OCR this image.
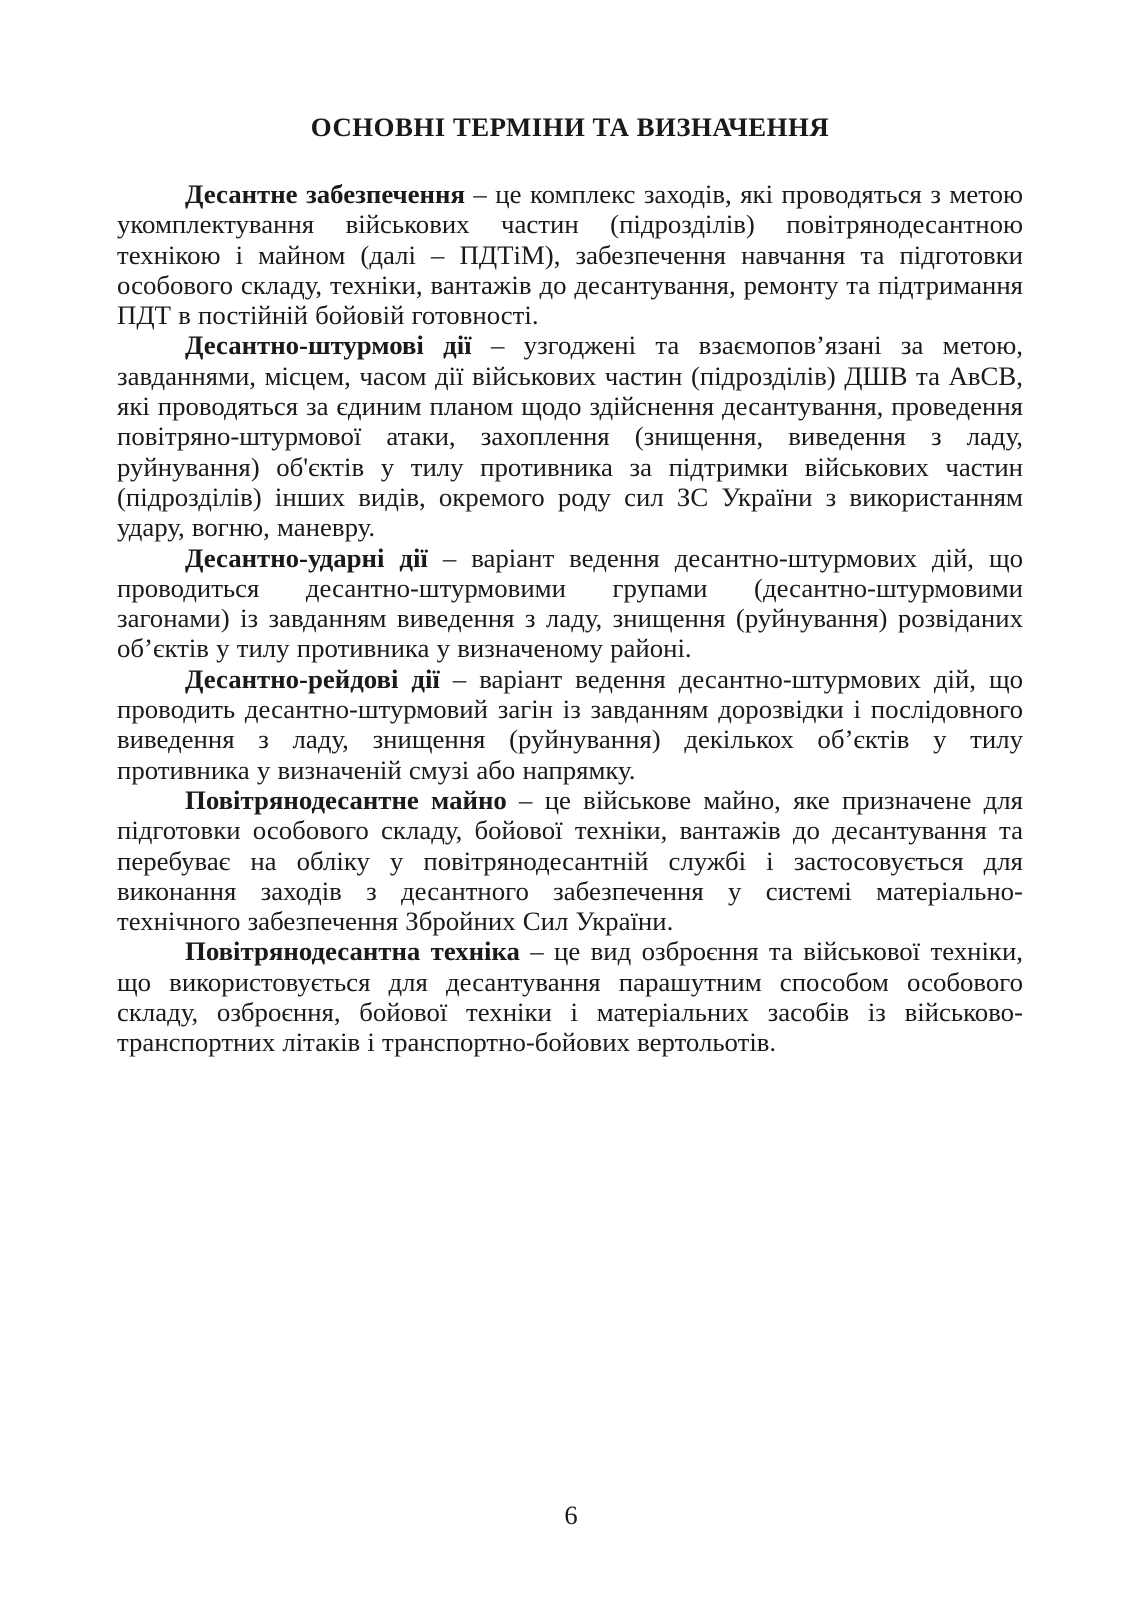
ОСНОВНІ ТЕРМІНИ ТА ВИЗНАЧЕННЯ

Десантне забезпечення – це комплекс заходів, які проводяться з метою укомплектування військових частин (підрозділів) повітрянодесантною технікою і майном (далі – ПДТіМ), забезпечення навчання та підготовки особового складу, техніки, вантажів до десантування, ремонту та підтримання ПДТ в постійній бойовій готовності.

Десантно-штурмові дії – узгоджені та взаємопов’язані за метою, завданнями, місцем, часом дії військових частин (підрозділів) ДШВ та АвСВ, які проводяться за єдиним планом щодо здійснення десантування, проведення повітряно-штурмової атаки, захоплення (знищення, виведення з ладу, руйнування) об'єктів у тилу противника за підтримки військових частин (підрозділів) інших видів, окремого роду сил ЗС України з використанням удару, вогню, маневру.

Десантно-ударні дії – варіант ведення десантно-штурмових дій, що проводиться десантно-штурмовими групами (десантно-штурмовими загонами) із завданням виведення з ладу, знищення (руйнування) розвіданих об’єктів у тилу противника у визначеному районі.

Десантно-рейдові дії – варіант ведення десантно-штурмових дій, що проводить десантно-штурмовий загін із завданням дорозвідки і послідовного виведення з ладу, знищення (руйнування) декількох об’єктів у тилу противника у визначеній смузі або напрямку.

Повітрянодесантне майно – це військове майно, яке призначене для підготовки особового складу, бойової техніки, вантажів до десантування та перебуває на обліку у повітрянодесантній службі і застосовується для виконання заходів з десантного забезпечення у системі матеріально-технічного забезпечення Збройних Сил України.

Повітрянодесантна техніка – це вид озброєння та військової техніки, що використовується для десантування парашутним способом особового складу, озброєння, бойової техніки і матеріальних засобів із військово-транспортних літаків і транспортно-бойових вертольотів.

6
